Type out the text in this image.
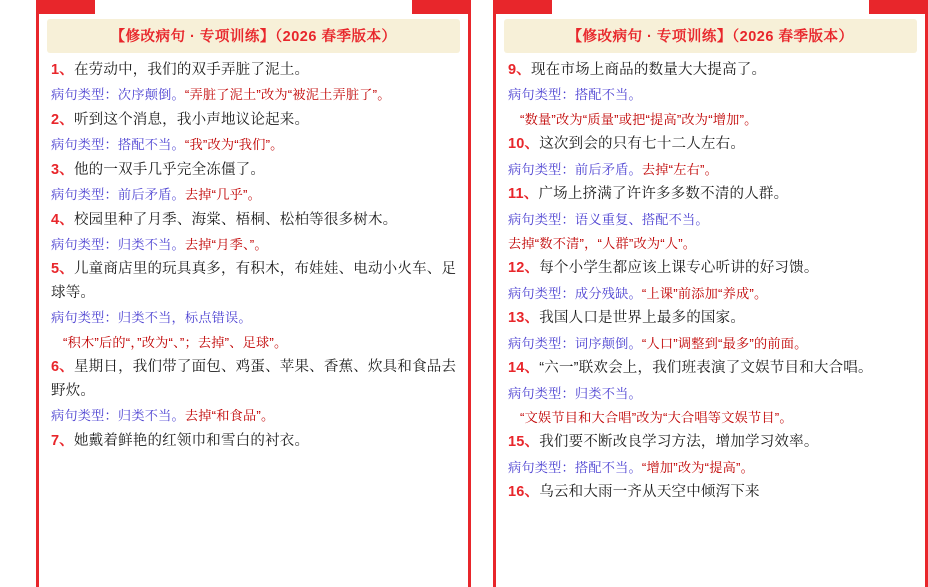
【修改病句 · 专项训练】（2026 春季版本）

1、在劳动中，我们的双手弄脏了泥土。

病句类型：次序颠倒。“弄脏了泥土”改为“被泥土弄脏了”。

2、听到这个消息，我小声地议论起来。

病句类型：搭配不当。“我”改为“我们”。

3、他的一双手几乎完全冻僵了。

病句类型：前后矛盾。去掉“几乎”。

4、校园里种了月季、海棠、梧桐、松柏等很多树木。

病句类型：归类不当。去掉“月季、”。

5、儿童商店里的玩具真多，有积木，布娃娃、电动小火车、足球等。

病句类型：归类不当，标点错误。

“积木”后的“，”改为“、”；去掉”、足球”。

6、星期日，我们带了面包、鸡蛋、苹果、香蕉、炊具和食品去野炊。

病句类型：归类不当。去掉“和食品”。

7、她戴着鲜艳的红领巾和雪白的衬衣。

【修改病句 · 专项训练】（2026 春季版本）

9、现在市场上商品的数量大大提高了。

病句类型：搭配不当。

“数量”改为“质量”或把“提高”改为“增加”。

10、这次到会的只有七十二人左右。

病句类型：前后矛盾。去掉“左右”。

11、广场上挤满了许许多多数不清的人群。

病句类型：语义重复、搭配不当。

去掉“数不清”，“人群”改为“人”。

12、每个小学生都应该上课专心听讲的好习馈。

病句类型：成分残缺。“上课”前添加“养成”。

13、我国人口是世界上最多的国家。

病句类型：词序颠倒。“人口”调整到“最多”的前面。

14、“六一”联欢会上，我们班表演了文娱节目和大合唱。

病句类型：归类不当。

“文娱节目和大合唱”改为“大合唱等文娱节目”。

15、我们要不断改良学习方法，增加学习效率。

病句类型：搭配不当。“增加”改为“提高”。

16、乌云和大雨一齐从天空中倾泻下来
